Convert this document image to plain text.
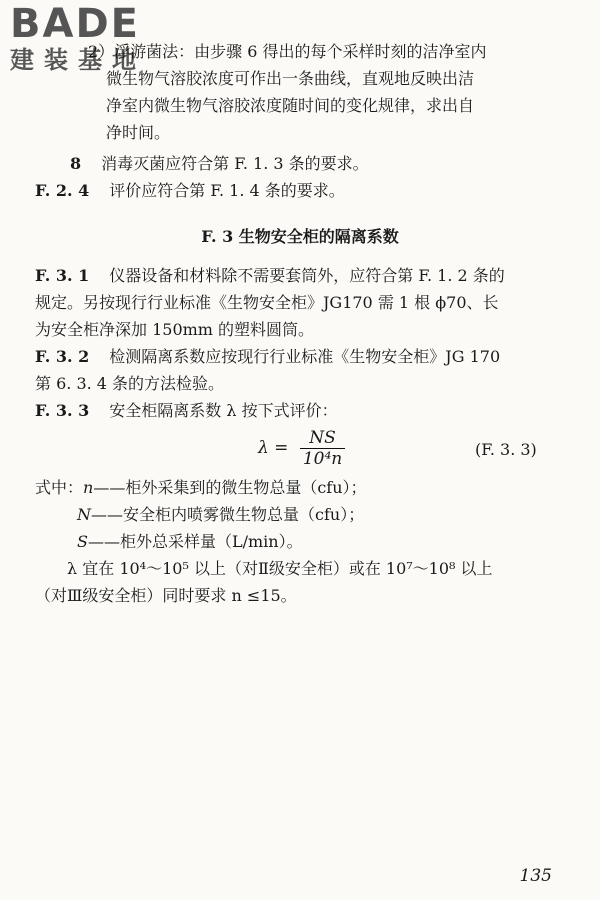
BADE
建装基地
2）浮游菌法：由步骤 6 得出的每个采样时刻的洁净室内
微生物气溶胶浓度可作出一条曲线，直观地反映出洁
净室内微生物气溶胶浓度随时间的变化规律，求出自
净时间。
8 消毒灭菌应符合第 F. 1. 3 条的要求。
F. 2. 4 评价应符合第 F. 1. 4 条的要求。
F. 3 生物安全柜的隔离系数
F. 3. 1 仪器设备和材料除不需要套筒外，应符合第 F. 1. 2 条的
规定。另按现行行业标准《生物安全柜》JG170 需 1 根 ϕ70、长
为安全柜净深加 150mm 的塑料圆筒。
F. 3. 2 检测隔离系数应按现行行业标准《生物安全柜》JG 170
第 6. 3. 4 条的方法检验。
F. 3. 3 安全柜隔离系数 λ 按下式评价：
$\lambda = \frac{NS}{\text{10⁴n}}$	(F. 3. 3)
式中：n——柜外采集到的微生物总量（cfu）；
N——安全柜内喷雾微生物总量（cfu）；
S——柜外总采样量（L/min）。
λ 宜在 10⁴～10⁵ 以上（对Ⅱ级安全柜）或在 10⁷～10⁸ 以上
（对Ⅲ级安全柜）同时要求 n ≤15。
135
